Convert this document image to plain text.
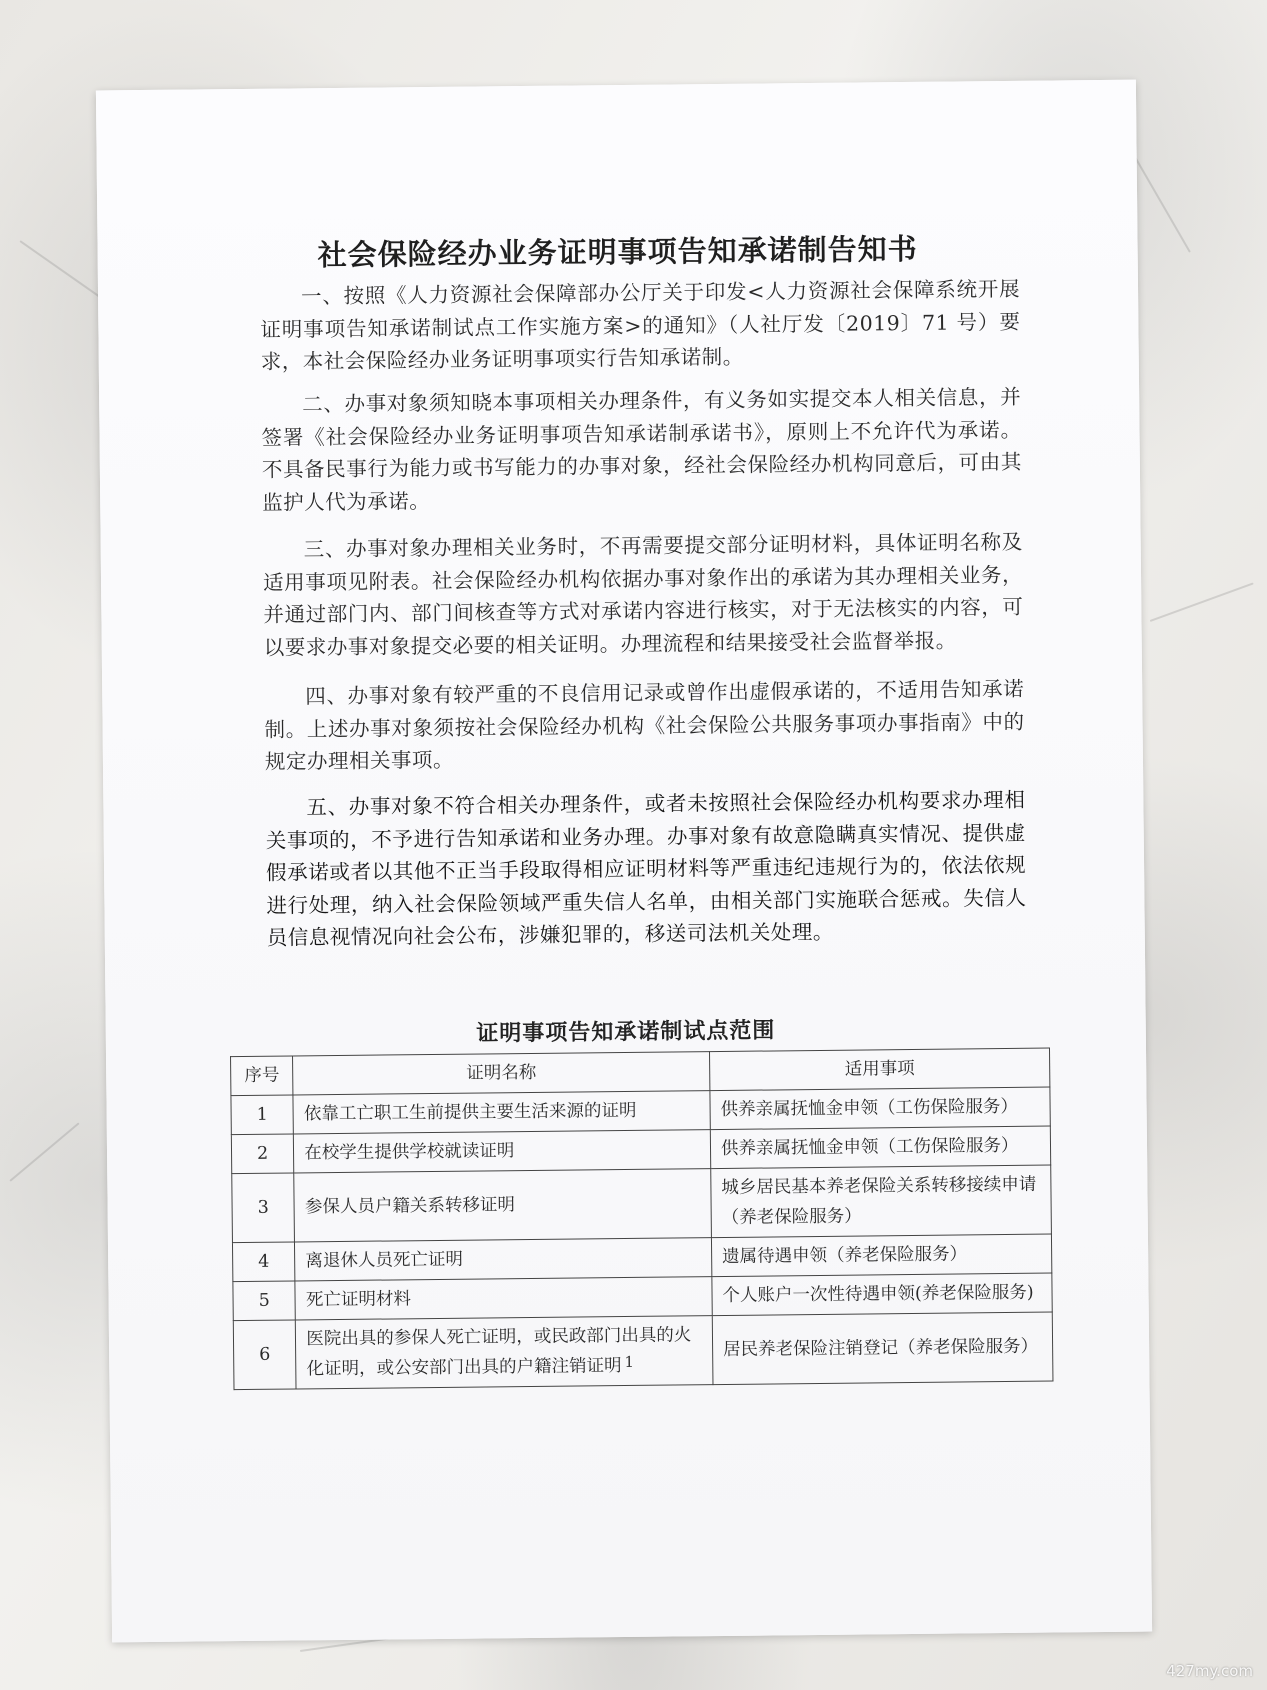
社会保险经办业务证明事项告知承诺制告知书
一、按照《人力资源社会保障部办公厅关于印发<人力资源社会保障系统开展证明事项告知承诺制试点工作实施方案>的通知》（人社厅发〔2019〕71 号）要求，本社会保险经办业务证明事项实行告知承诺制。
二、办事对象须知晓本事项相关办理条件，有义务如实提交本人相关信息，并签署《社会保险经办业务证明事项告知承诺制承诺书》，原则上不允许代为承诺。不具备民事行为能力或书写能力的办事对象，经社会保险经办机构同意后，可由其监护人代为承诺。
三、办事对象办理相关业务时，不再需要提交部分证明材料，具体证明名称及适用事项见附表。社会保险经办机构依据办事对象作出的承诺为其办理相关业务，并通过部门内、部门间核查等方式对承诺内容进行核实，对于无法核实的内容，可以要求办事对象提交必要的相关证明。办理流程和结果接受社会监督举报。
四、办事对象有较严重的不良信用记录或曾作出虚假承诺的，不适用告知承诺制。上述办事对象须按社会保险经办机构《社会保险公共服务事项办事指南》中的规定办理相关事项。
五、办事对象不符合相关办理条件，或者未按照社会保险经办机构要求办理相关事项的，不予进行告知承诺和业务办理。办事对象有故意隐瞒真实情况、提供虚假承诺或者以其他不正当手段取得相应证明材料等严重违纪违规行为的，依法依规进行处理，纳入社会保险领域严重失信人名单，由相关部门实施联合惩戒。失信人员信息视情况向社会公布，涉嫌犯罪的，移送司法机关处理。
证明事项告知承诺制试点范围
序号	证明名称	适用事项
1	依靠工亡职工生前提供主要生活来源的证明	供养亲属抚恤金申领（工伤保险服务）
2	在校学生提供学校就读证明	供养亲属抚恤金申领（工伤保险服务）
3	参保人员户籍关系转移证明	城乡居民基本养老保险关系转移接续申请（养老保险服务）
4	离退休人员死亡证明	遗属待遇申领（养老保险服务）
5	死亡证明材料	个人账户一次性待遇申领(养老保险服务)
6	医院出具的参保人死亡证明，或民政部门出具的火化证明，或公安部门出具的户籍注销证明	居民养老保险注销登记（养老保险服务）
1
427my.com
